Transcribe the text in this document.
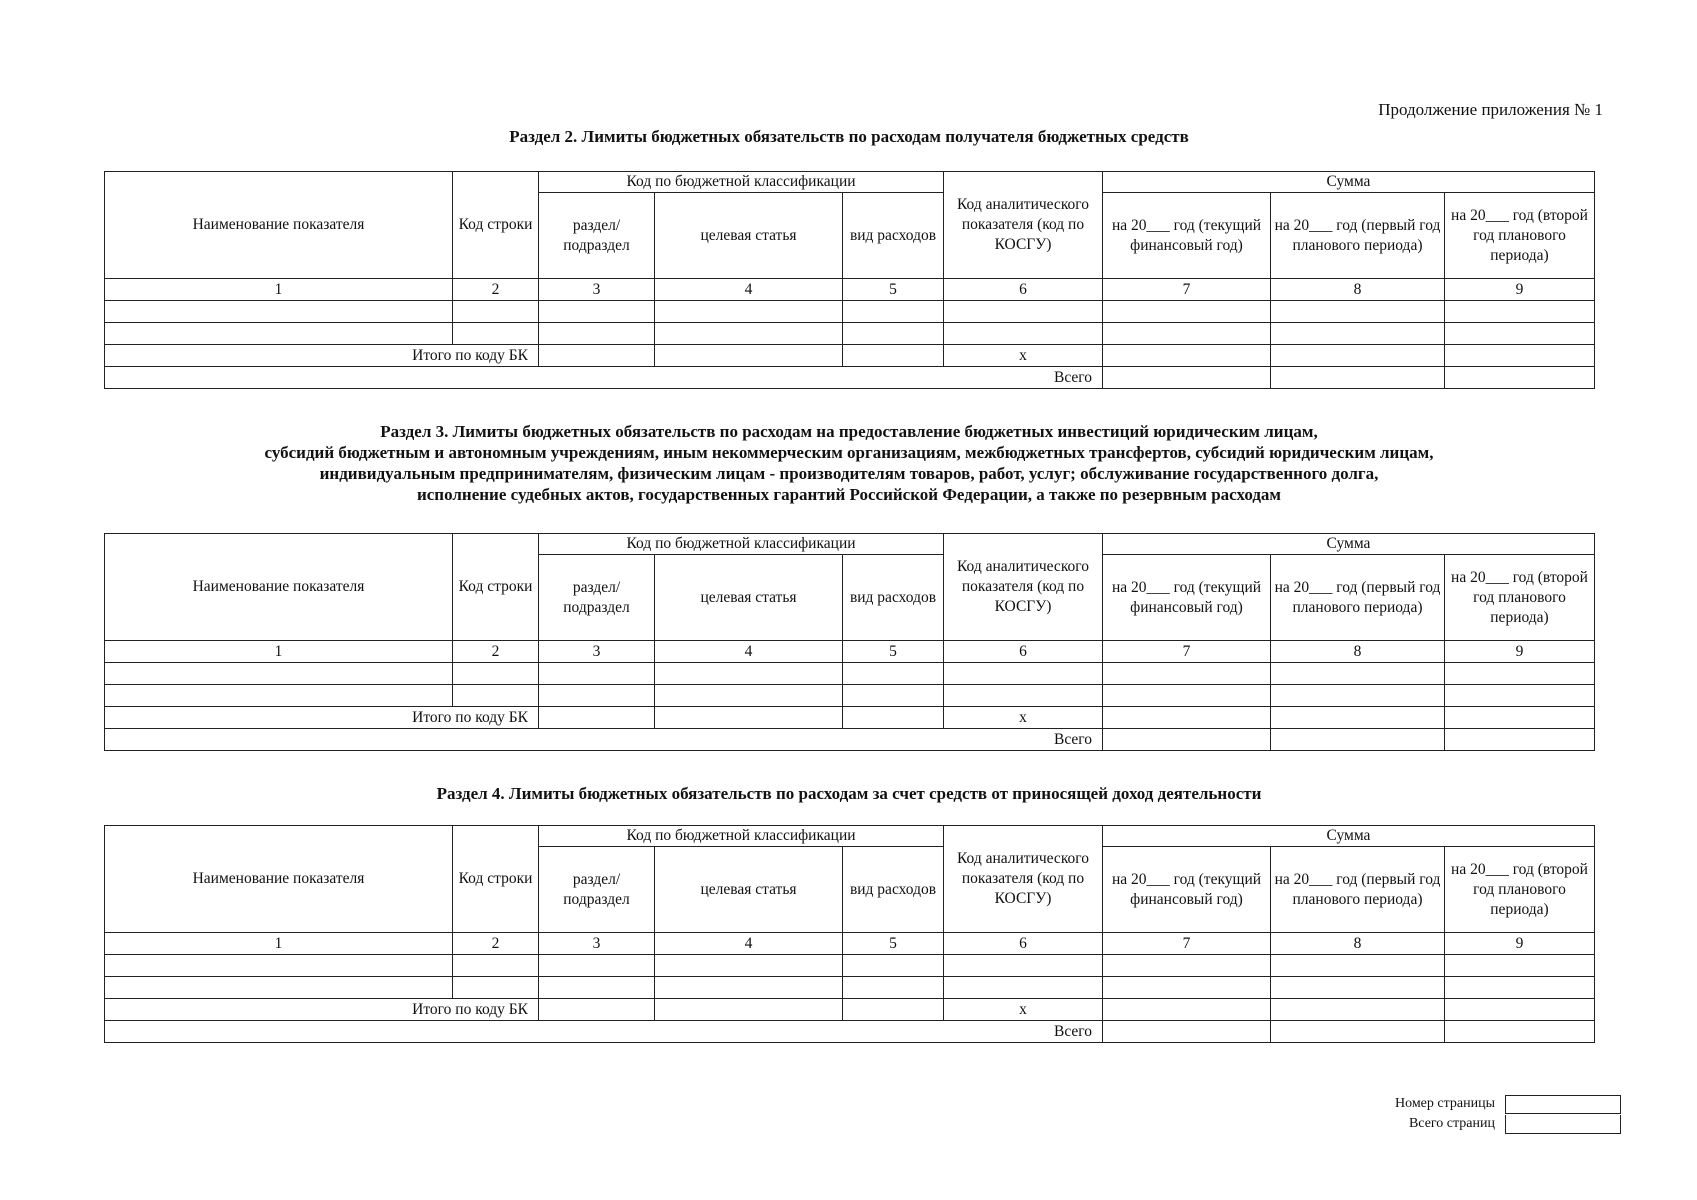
Продолжение приложения № 1
Раздел 2. Лимиты бюджетных обязательств по расходам получателя бюджетных средств
Наименование показателя	Код строки	Код по бюджетной классификации			Код аналитического показателя (код по КОСГУ)	Сумма		
		раздел/ подраздел	целевая статья	вид расходов		на 20___ год (текущий финансовый год)	на 20___ год (первый год планового периода)	на 20___ год (второй год планового периода)
1	2	3	4	5	6	7	8	9

Итого по коду БК					x			
Всего								
Раздел 3. Лимиты бюджетных обязательств по расходам на предоставление бюджетных инвестиций юридическим лицам,
субсидий бюджетным и автономным учреждениям, иным некоммерческим организациям, межбюджетных трансфертов, субсидий юридическим лицам,
индивидуальным предпринимателям, физическим лицам - производителям товаров, работ, услуг; обслуживание государственного долга,
исполнение судебных актов, государственных гарантий Российской Федерации, а также по резервным расходам
Наименование показателя	Код строки	Код по бюджетной классификации			Код аналитического показателя (код по КОСГУ)	Сумма		
		раздел/ подраздел	целевая статья	вид расходов		на 20___ год (текущий финансовый год)	на 20___ год (первый год планового периода)	на 20___ год (второй год планового периода)
1	2	3	4	5	6	7	8	9

Итого по коду БК					x			
Всего								
Раздел 4. Лимиты бюджетных обязательств по расходам за счет средств от приносящей доход деятельности
Наименование показателя	Код строки	Код по бюджетной классификации			Код аналитического показателя (код по КОСГУ)	Сумма		
		раздел/ подраздел	целевая статья	вид расходов		на 20___ год (текущий финансовый год)	на 20___ год (первый год планового периода)	на 20___ год (второй год планового периода)
1	2	3	4	5	6	7	8	9

Итого по коду БК					x			
Всего								
Номер страницы
Всего страниц
